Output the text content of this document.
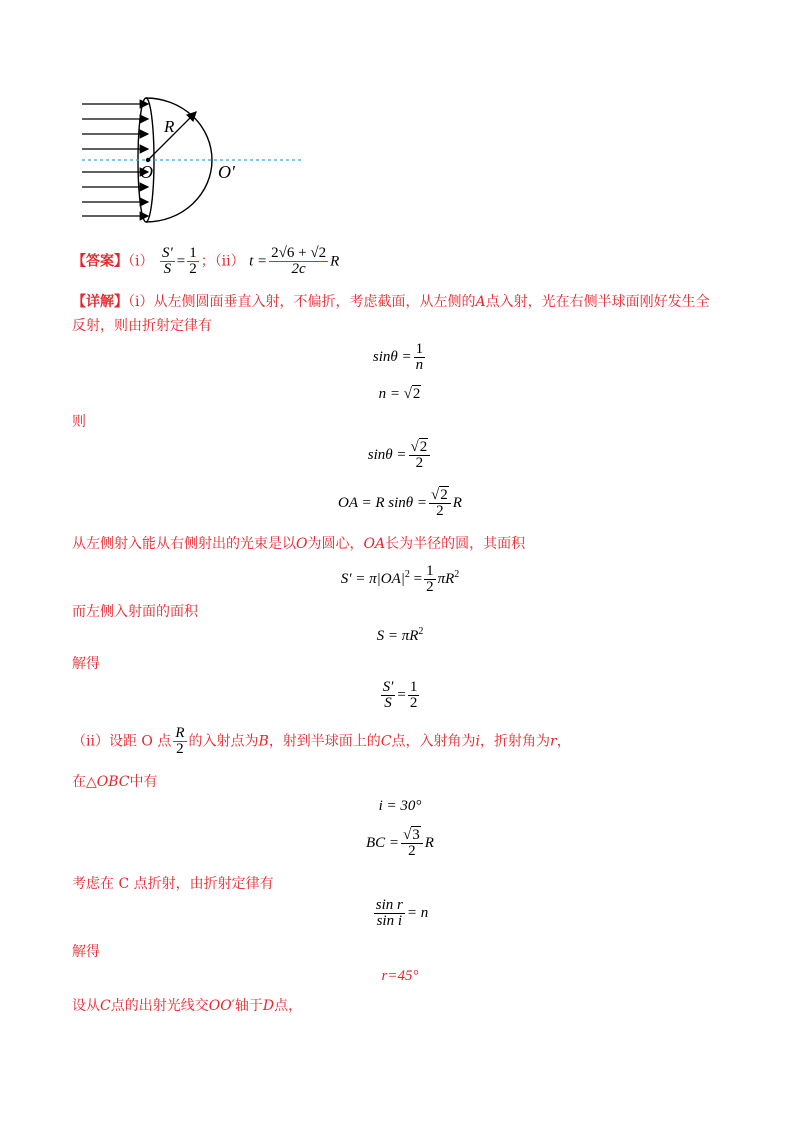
R
O	O′
【答案】$(i) \frac{S'}{S} = \frac{1}{2}$ ；（ii） $t = \frac{2√6 + √2}{2c}$ R
【详解】（i）从左侧圆面垂直入射，不偏折，考虑截面，从左侧的A点入射，光在右侧半球面刚好发生全
反射，则由折射定律有
$\sin\theta = \frac{1}{n}$
n = √2
则
$\sin\theta = \frac{√2}{2}$
OA = R $\sin\theta = \frac{√2}{2}$ R
从左侧射入能从右侧射出的光束是以O为圆心，OA长为半径的圆，其面积
$S' = \pi|OA|^2 = \frac{1}{2} \pi R^2$
而左侧入射面的面积
$S = \pi R^2$
解得
$\frac{S'}{S} = \frac{1}{2}$
（ii）设距 O 点 $\frac{R}{2}$ 的入射点为B，射到半球面上的C点，入射角为i，折射角为r，
在△OBC中有
i = 30°
BC = $\frac{√3}{2}$ R
考虑在 C 点折射，由折射定律有
$\frac{\text{sin r}}{\text{sin i}} = n$
解得
r=45°
设从C点的出射光线交OO′轴于D点，
